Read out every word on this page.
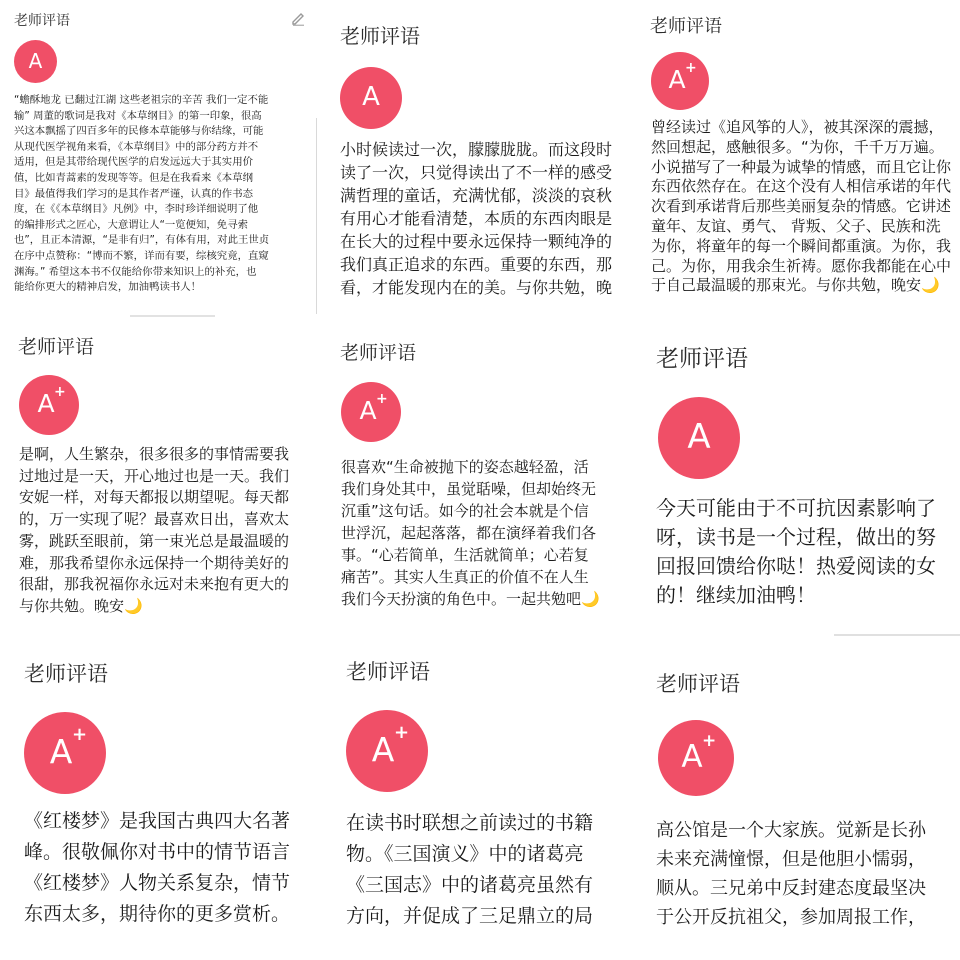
老师评语
A
“蟾酥地龙 已翻过江湖 这些老祖宗的辛苦 我们一定不能
输” 周董的歌词是我对《本草纲目》的第一印象，很高
兴这本飘摇了四百多年的民修本草能够与你结缘，可能
从现代医学视角来看，《本草纲目》中的部分药方并不
适用，但是其带给现代医学的启发远远大于其实用价
值，比如青蒿素的发现等等。但是在我看来《本草纲
目》最值得我们学习的是其作者严谨，认真的作书态
度，在《《本草纲目》凡例》中，李时珍详细说明了他
的编排形式之匠心，大意谓让人“一览便知，免寻索
也”，且正本清源，“是非有归”，有体有用，对此王世贞
在序中点赞称：“博而不繁，详而有要，综核究竟，直窥
渊海。” 希望这本书不仅能给你带来知识上的补充，也
能给你更大的精神启发，加油鸭读书人！
老师评语
A
小时候读过一次，朦朦胧胧。而这段时
读了一次，只觉得读出了不一样的感受
满哲理的童话，充满忧郁，淡淡的哀秋
有用心才能看清楚，本质的东西肉眼是
在长大的过程中要永远保持一颗纯净的
我们真正追求的东西。重要的东西，那
看，才能发现内在的美。与你共勉，晚
老师评语
A +
曾经读过《追风筝的人》，被其深深的震撼，
然回想起，感触很多。“为你，千千万万遍。
小说描写了一种最为诚挚的情感，而且它让你
东西依然存在。在这个没有人相信承诺的年代
次看到承诺背后那些美丽复杂的情感。它讲述
童年、友谊、勇气、 背叛、父子、民族和洗
为你，将童年的每一个瞬间都重演。为你，我
己。为你，用我余生祈祷。愿你我都能在心中
于自己最温暖的那束光。与你共勉，晚安🌙
老师评语
A +
是啊，人生繁杂，很多很多的事情需要我
过地过是一天，开心地过也是一天。我们
安妮一样，对每天都报以期望呢。每天都
的，万一实现了呢？最喜欢日出，喜欢太
雾，跳跃至眼前，第一束光总是最温暖的
难，那我希望你永远保持一个期待美好的
很甜，那我祝福你永远对未来抱有更大的
与你共勉。晚安🌙
老师评语
A +
很喜欢“生命被抛下的姿态越轻盈，活
我们身处其中，虽觉聒噪，但却始终无
沉重”这句话。如今的社会本就是个信
世浮沉，起起落落，都在演绎着我们各
事。“心若简单，生活就简单；心若复
痛苦”。其实人生真正的价值不在人生
我们今天扮演的角色中。一起共勉吧🌙
老师评语
A
今天可能由于不可抗因素影响了
呀，读书是一个过程，做出的努
回报回馈给你哒！热爱阅读的女
的！继续加油鸭！
老师评语
A +
《红楼梦》是我国古典四大名著
峰。很敬佩你对书中的情节语言
《红楼梦》人物关系复杂，情节
东西太多，期待你的更多赏析。
老师评语
A +
在读书时联想之前读过的书籍
物。《三国演义》中的诸葛亮
《三国志》中的诸葛亮虽然有
方向，并促成了三足鼎立的局
老师评语
A +
高公馆是一个大家族。觉新是长孙
未来充满憧憬，但是他胆小懦弱，
顺从。三兄弟中反封建态度最坚决
于公开反抗祖父，参加周报工作，
